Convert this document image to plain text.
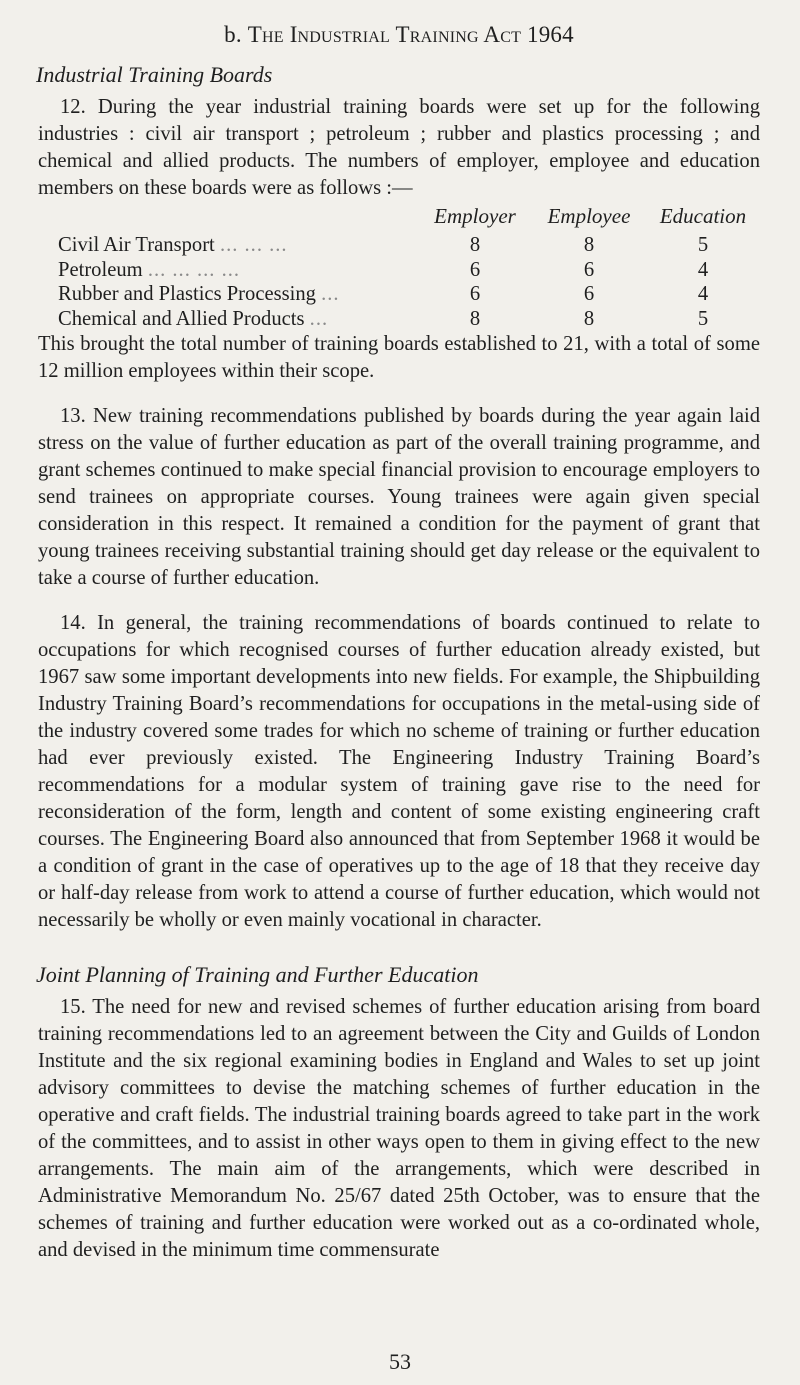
b. The Industrial Training Act 1964
Industrial Training Boards

12. During the year industrial training boards were set up for the following industries : civil air transport ; petroleum ; rubber and plastics processing ; and chemical and allied products. The numbers of employer, employee and education members on these boards were as follows :—

	Employer	Employee	Education
Civil Air Transport ... ... ...	8	8	5
Petroleum ... ... ... ...	6	6	4
Rubber and Plastics Processing ...	6	6	4
Chemical and Allied Products ...	8	8	5

This brought the total number of training boards established to 21, with a total of some 12 million employees within their scope.

13. New training recommendations published by boards during the year again laid stress on the value of further education as part of the overall training programme, and grant schemes continued to make special financial provision to encourage employers to send trainees on appropriate courses. Young trainees were again given special consideration in this respect. It remained a condition for the payment of grant that young trainees receiving substantial training should get day release or the equivalent to take a course of further education.

14. In general, the training recommendations of boards continued to relate to occupations for which recognised courses of further education already existed, but 1967 saw some important developments into new fields. For example, the Shipbuilding Industry Training Board’s recommendations for occupations in the metal-using side of the industry covered some trades for which no scheme of training or further education had ever previously existed. The Engineering Industry Training Board’s recommendations for a modular system of training gave rise to the need for reconsideration of the form, length and content of some existing engineering craft courses. The Engineering Board also announced that from September 1968 it would be a condition of grant in the case of operatives up to the age of 18 that they receive day or half-day release from work to attend a course of further education, which would not necessarily be wholly or even mainly vocational in character.

Joint Planning of Training and Further Education

15. The need for new and revised schemes of further education arising from board training recommendations led to an agreement between the City and Guilds of London Institute and the six regional examining bodies in England and Wales to set up joint advisory committees to devise the matching schemes of further education in the operative and craft fields. The industrial training boards agreed to take part in the work of the committees, and to assist in other ways open to them in giving effect to the new arrangements. The main aim of the arrangements, which were described in Administrative Memorandum No. 25/67 dated 25th October, was to ensure that the schemes of training and further education were worked out as a co-ordinated whole, and devised in the minimum time commensurate

53
